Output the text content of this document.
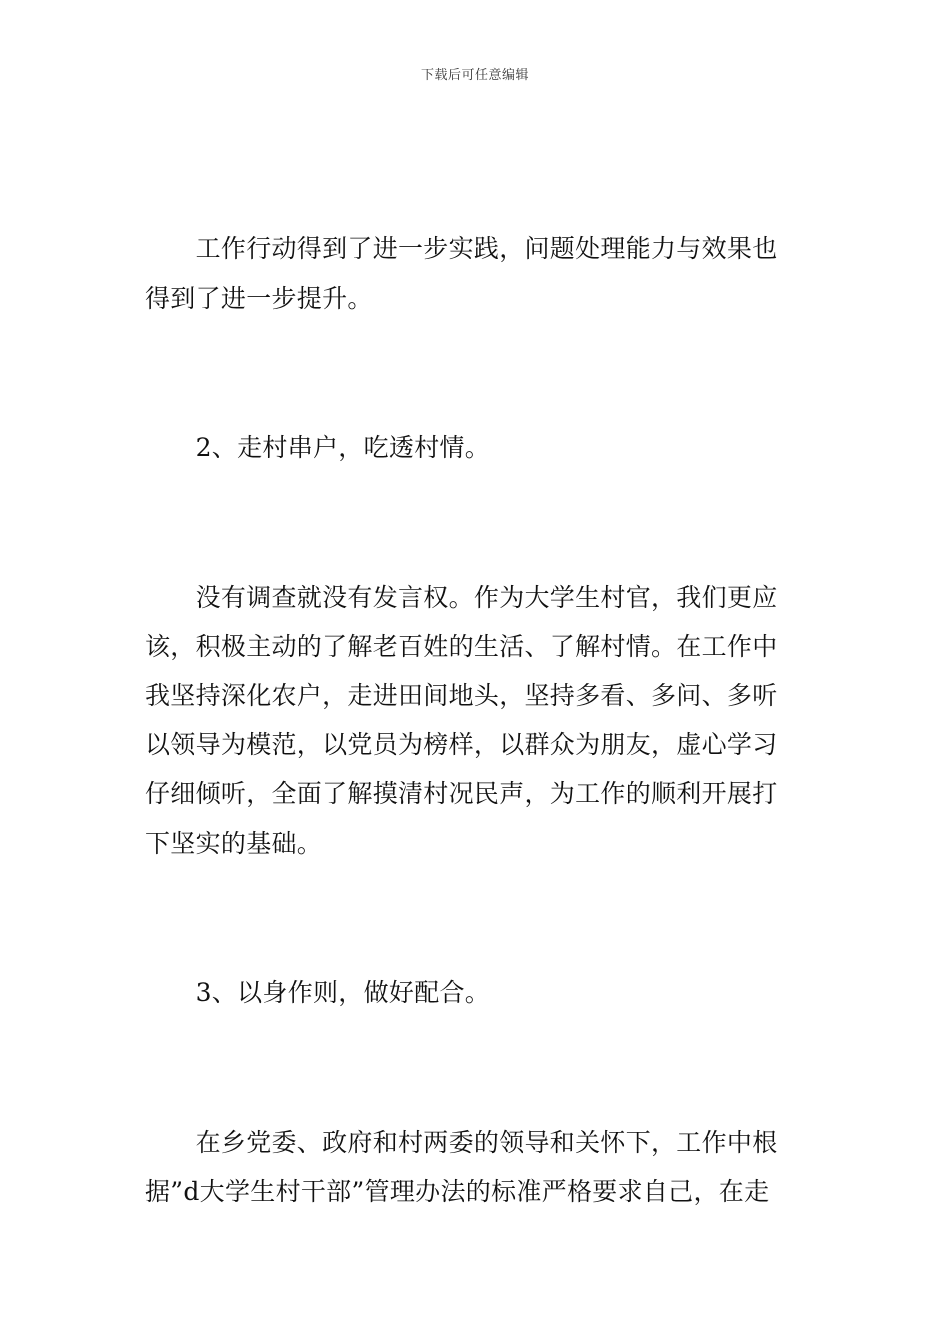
下载后可任意编辑
　　工作行动得到了进一步实践，问题处理能力与效果也
得到了进一步提升。
　　2、走村串户，吃透村情。
　　没有调查就没有发言权。作为大学生村官，我们更应
该，积极主动的了解老百姓的生活、了解村情。在工作中
我坚持深化农户，走进田间地头，坚持多看、多问、多听
以领导为模范，以党员为榜样，以群众为朋友，虚心学习
仔细倾听，全面了解摸清村况民声，为工作的顺利开展打
下坚实的基础。
　　3、以身作则，做好配合。
　　在乡党委、政府和村两委的领导和关怀下，工作中根
据”d大学生村干部”管理办法的标准严格要求自己，在走
